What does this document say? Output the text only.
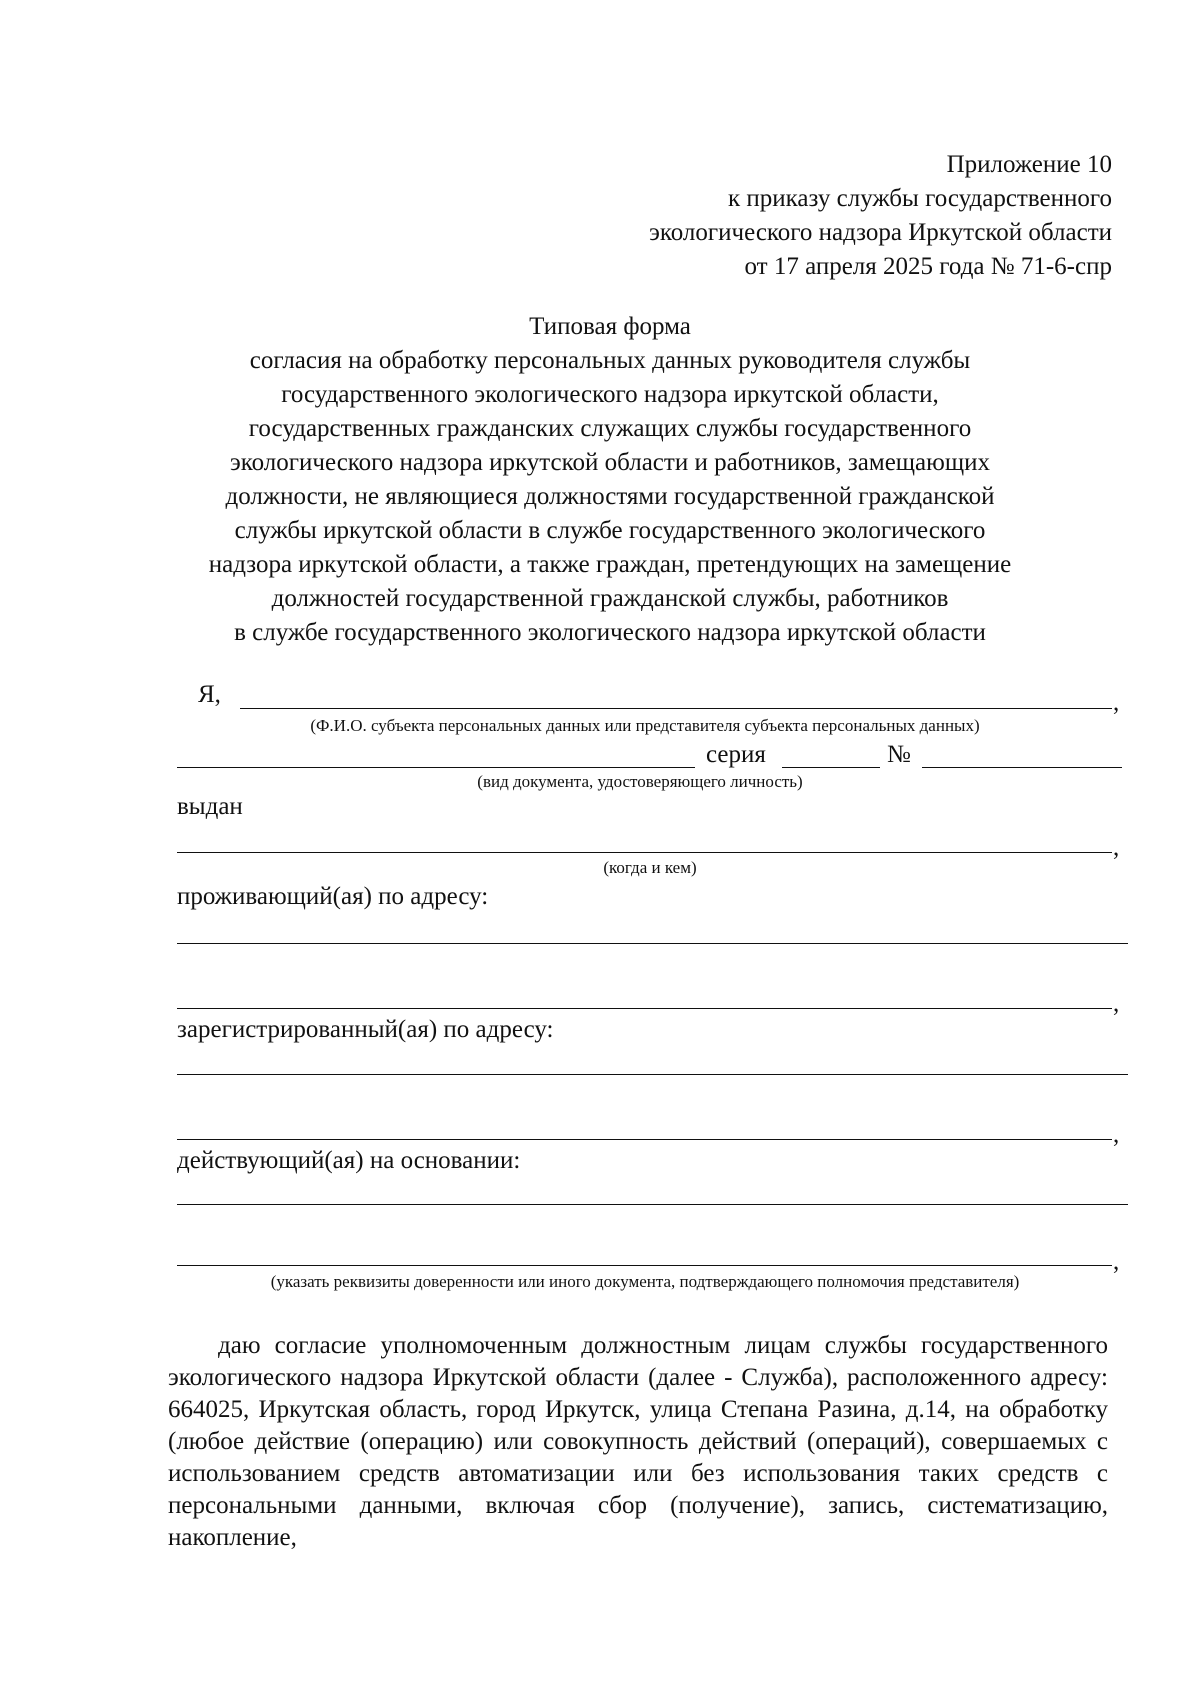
Приложение 10
к приказу службы государственного
экологического надзора Иркутской области
от 17 апреля 2025 года № 71-6-спр
Типовая форма
согласия на обработку персональных данных руководителя службы
государственного экологического надзора иркутской области,
государственных гражданских служащих службы государственного
экологического надзора иркутской области и работников, замещающих
должности, не являющиеся должностями государственной гражданской
службы иркутской области в службе государственного экологического
надзора иркутской области, а также граждан, претендующих на замещение
должностей государственной гражданской службы, работников
в службе государственного экологического надзора иркутской области
Я,	,
(Ф.И.О. субъекта персональных данных или представителя субъекта персональных данных)
серия	№
(вид документа, удостоверяющего личность)
выдан
,
(когда и кем)
проживающий(ая) по адресу:
,
зарегистрированный(ая) по адресу:
,
действующий(ая) на основании:
,
(указать реквизиты доверенности или иного документа, подтверждающего полномочия представителя)

даю согласие уполномоченным должностным лицам службы государственного экологического надзора Иркутской области (далее - Служба), расположенного адресу: 664025, Иркутская область, город Иркутск, улица Степана Разина, д.14, на обработку (любое действие (операцию) или совокупность действий (операций), совершаемых с использованием средств автоматизации или без использования таких средств с персональными данными, включая сбор (получение), запись, систематизацию, накопление,
